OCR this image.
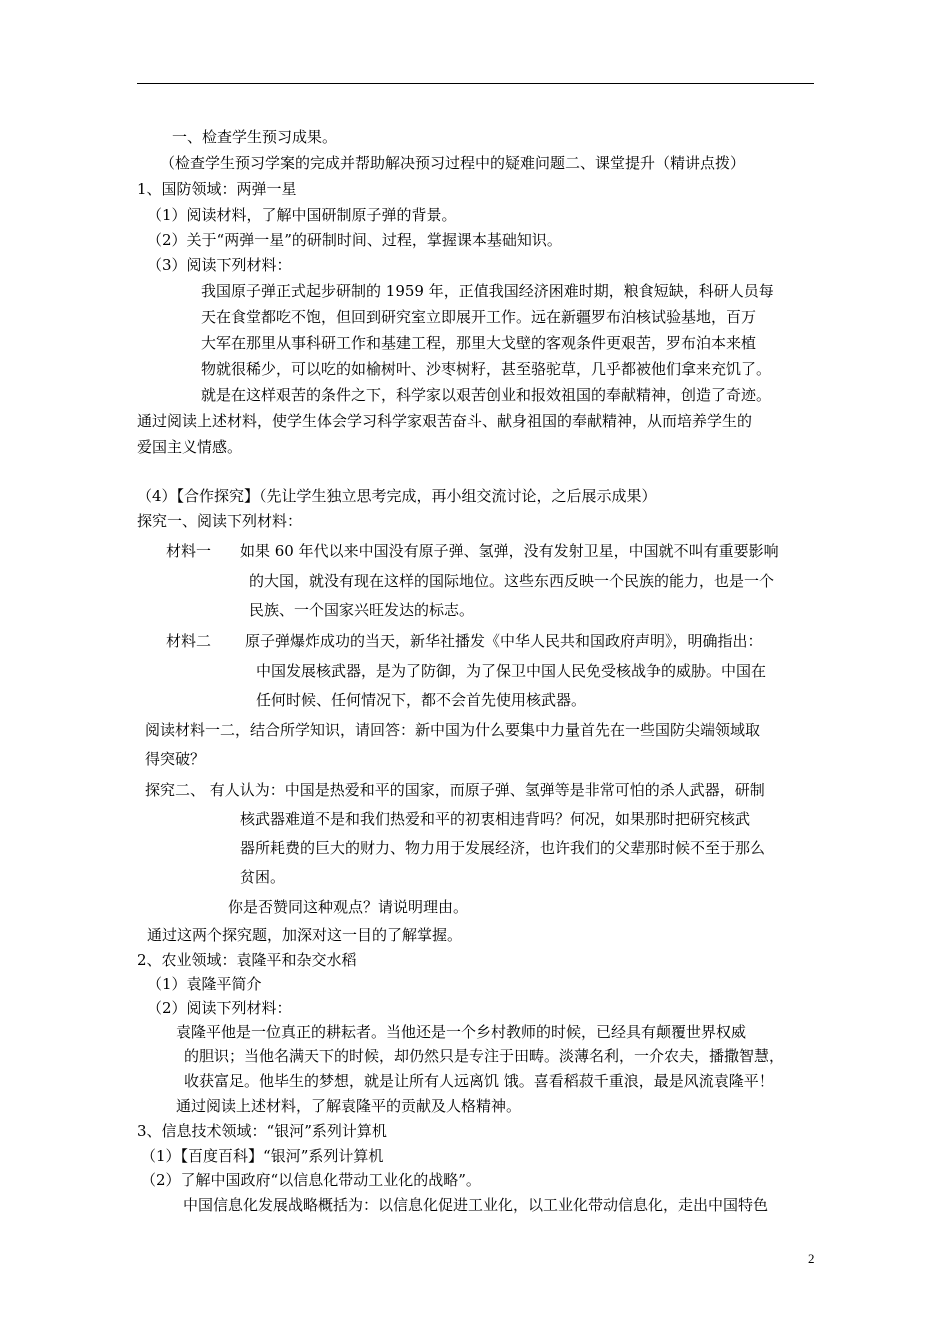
一、检查学生预习成果。
（检查学生预习学案的完成并帮助解决预习过程中的疑难问题二、课堂提升（精讲点拨）
1、国防领域：两弹一星
（1）阅读材料，了解中国研制原子弹的背景。
（2）关于“两弹一星”的研制时间、过程，掌握课本基础知识。
（3）阅读下列材料：
我国原子弹正式起步研制的 1959 年，正值我国经济困难时期，粮食短缺，科研人员每
天在食堂都吃不饱，但回到研究室立即展开工作。远在新疆罗布泊核试验基地，百万
大军在那里从事科研工作和基建工程，那里大戈壁的客观条件更艰苦，罗布泊本来植
物就很稀少，可以吃的如榆树叶、沙枣树籽，甚至骆驼草，几乎都被他们拿来充饥了。
就是在这样艰苦的条件之下，科学家以艰苦创业和报效祖国的奉献精神，创造了奇迹。
通过阅读上述材料，使学生体会学习科学家艰苦奋斗、献身祖国的奉献精神，从而培养学生的
爱国主义情感。
（4）【合作探究】（先让学生独立思考完成，再小组交流讨论，之后展示成果）
探究一、阅读下列材料：
材料一 如果 60 年代以来中国没有原子弹、氢弹，没有发射卫星，中国就不叫有重要影响
的大国，就没有现在这样的国际地位。这些东西反映一个民族的能力，也是一个
民族、一个国家兴旺发达的标志。
材料二 原子弹爆炸成功的当天，新华社播发《中华人民共和国政府声明》，明确指出：
中国发展核武器，是为了防御，为了保卫中国人民免受核战争的威胁。中国在
任何时候、任何情况下，都不会首先使用核武器。
阅读材料一二，结合所学知识，请回答：新中国为什么要集中力量首先在一些国防尖端领域取
得突破？
探究二、 有人认为：中国是热爱和平的国家，而原子弹、氢弹等是非常可怕的杀人武器，研制
核武器难道不是和我们热爱和平的初衷相违背吗？何况，如果那时把研究核武
器所耗费的巨大的财力、物力用于发展经济，也许我们的父辈那时候不至于那么
贫困。
你是否赞同这种观点？请说明理由。
通过这两个探究题，加深对这一目的了解掌握。
2、农业领域：袁隆平和杂交水稻
（1）袁隆平简介
（2）阅读下列材料：
袁隆平他是一位真正的耕耘者。当他还是一个乡村教师的时候，已经具有颠覆世界权威
的胆识；当他名满天下的时候，却仍然只是专注于田畴。淡薄名利，一介农夫，播撒智慧，
收获富足。他毕生的梦想，就是让所有人远离饥 饿。喜看稻菽千重浪，最是风流袁隆平！
通过阅读上述材料，了解袁隆平的贡献及人格精神。
3、信息技术领域：“银河”系列计算机
（1）【百度百科】“银河”系列计算机
（2）了解中国政府“以信息化带动工业化的战略”。
中国信息化发展战略概括为：以信息化促进工业化，以工业化带动信息化，走出中国特色
2
